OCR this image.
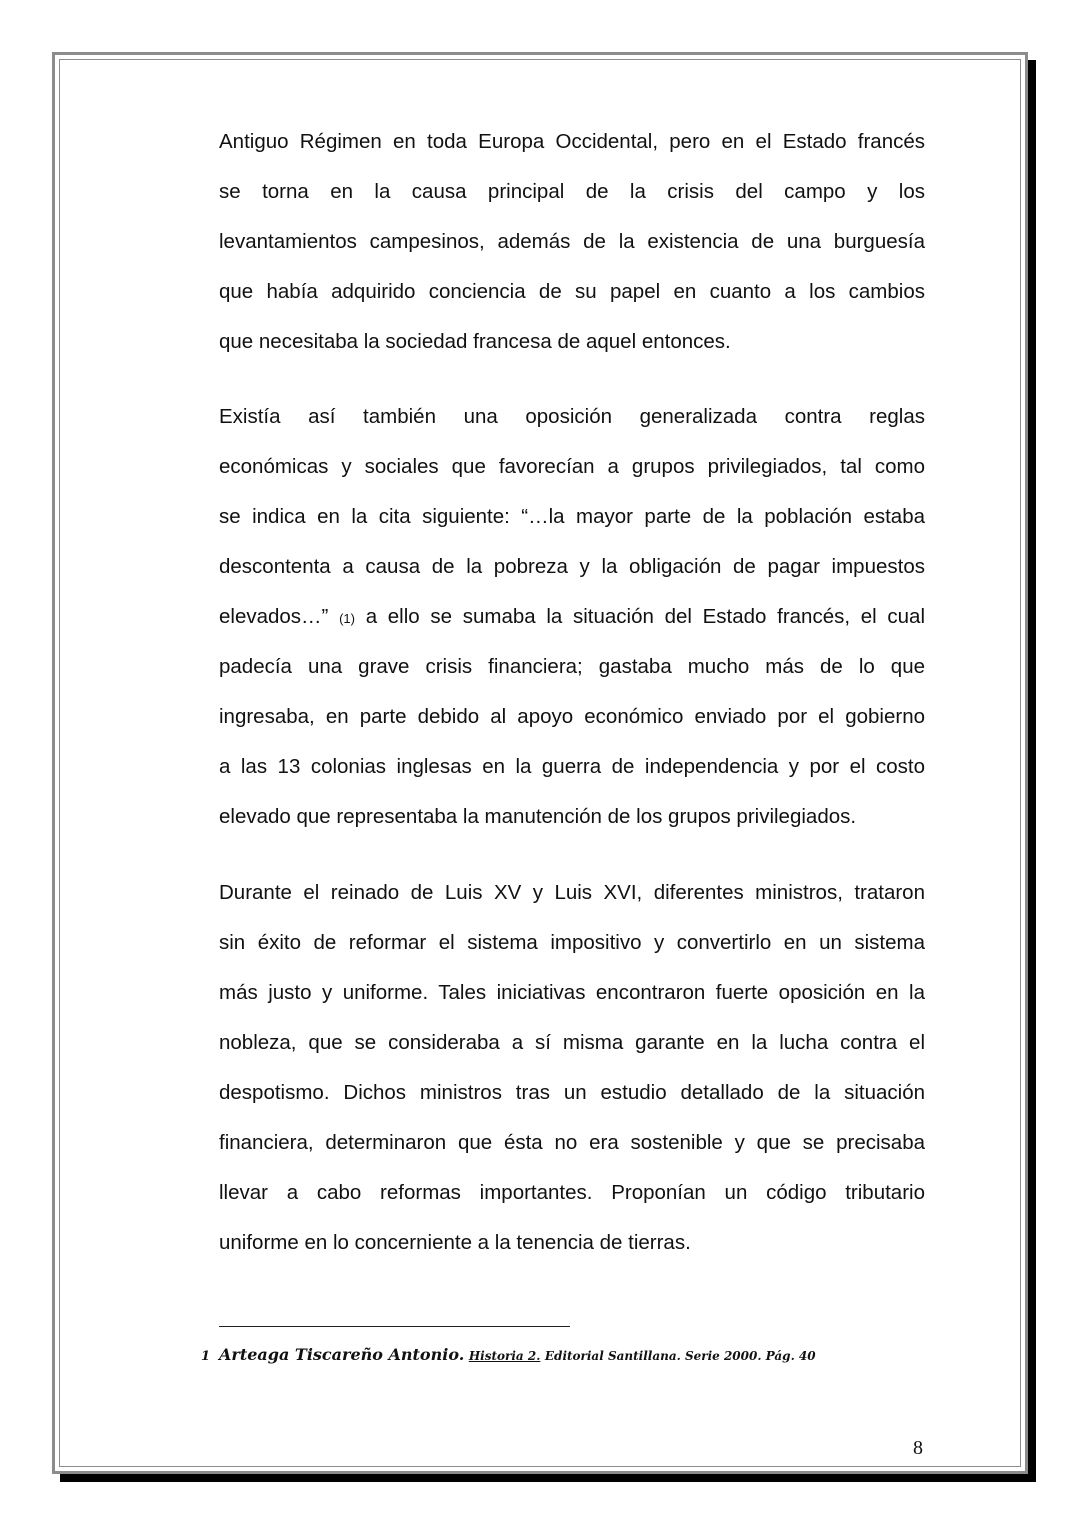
Antiguo Régimen en toda Europa Occidental, pero en el Estado francés
se torna en la causa principal de la crisis del campo y los
levantamientos campesinos, además de la existencia de una burguesía
que había adquirido conciencia de su papel en cuanto a los cambios
que necesitaba la sociedad francesa de aquel entonces.
Existía así también una oposición generalizada contra reglas
económicas y sociales que favorecían a grupos privilegiados, tal como
se indica en la cita siguiente: “…la mayor parte de la población estaba
descontenta a causa de la pobreza y la obligación de pagar impuestos
elevados…” (1) a ello se sumaba la situación del Estado francés, el cual
padecía una grave crisis financiera; gastaba mucho más de lo que
ingresaba, en parte debido al apoyo económico enviado por el gobierno
a las 13 colonias inglesas en la guerra de independencia y por el costo
elevado que representaba la manutención de los grupos privilegiados.
Durante el reinado de Luis XV y Luis XVI, diferentes ministros, trataron
sin éxito de reformar el sistema impositivo y convertirlo en un sistema
más justo y uniforme. Tales iniciativas encontraron fuerte oposición en la
nobleza, que se consideraba a sí misma garante en la lucha contra el
despotismo. Dichos ministros tras un estudio detallado de la situación
financiera, determinaron que ésta no era sostenible y que se precisaba
llevar a cabo reformas importantes. Proponían un código tributario
uniforme en lo concerniente a la tenencia de tierras.
1 Arteaga Tiscareño Antonio. Historia 2. Editorial Santillana. Serie 2000. Pág. 40
8
